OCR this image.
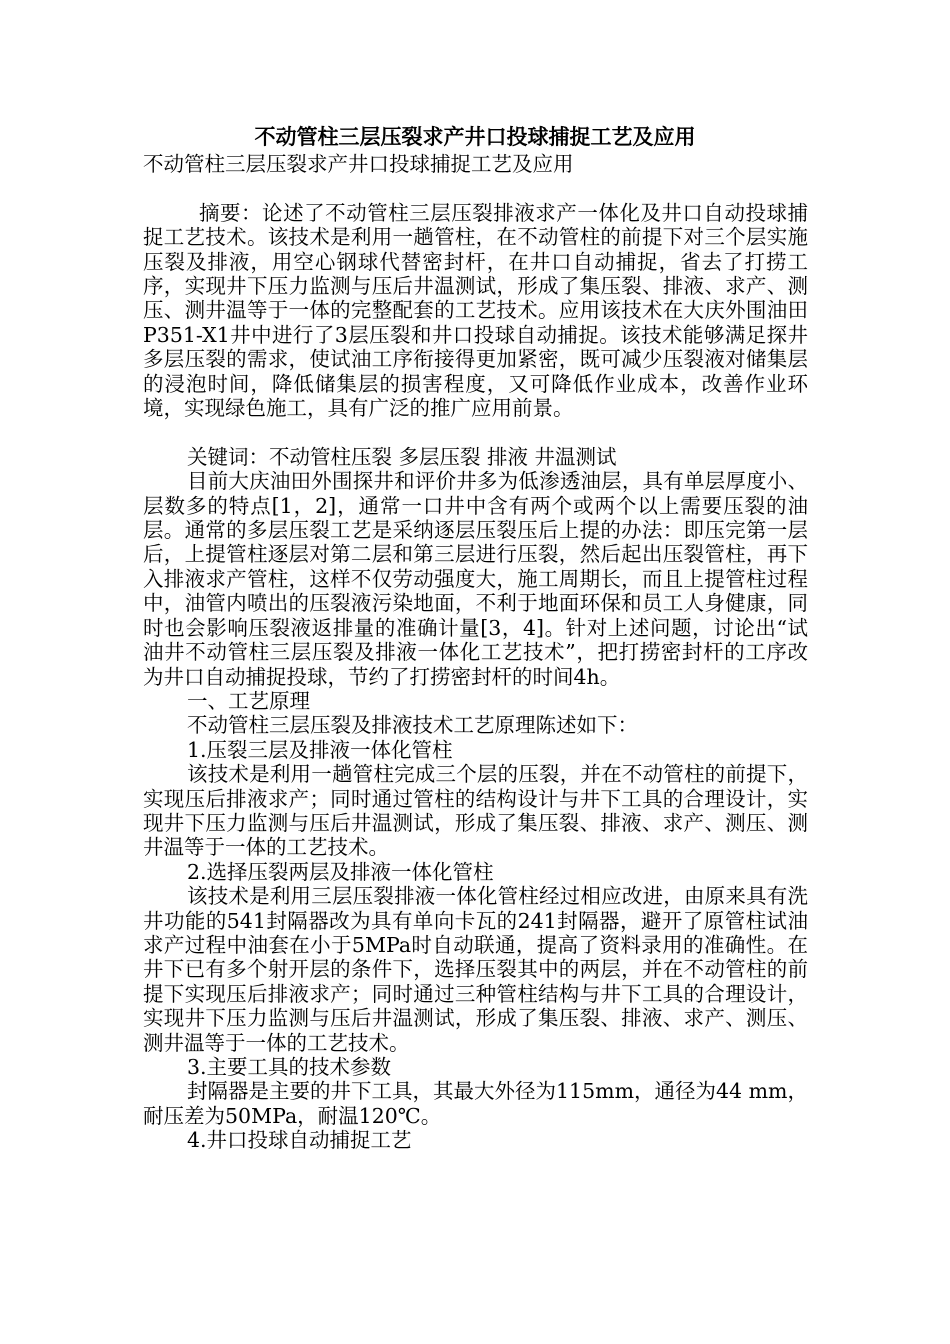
不动管柱三层压裂求产井口投球捕捉工艺及应用

不动管柱三层压裂求产井口投球捕捉工艺及应用

摘要：论述了不动管柱三层压裂排液求产一体化及井口自动投球捕捉工艺技术。该技术是利用一趟管柱，在不动管柱的前提下对三个层实施压裂及排液，用空心钢球代替密封杆，在井口自动捕捉，省去了打捞工序，实现井下压力监测与压后井温测试，形成了集压裂、排液、求产、测压、测井温等于一体的完整配套的工艺技术。应用该技术在大庆外围油田P351-X1井中进行了3层压裂和井口投球自动捕捉。该技术能够满足探井多层压裂的需求，使试油工序衔接得更加紧密，既可减少压裂液对储集层的浸泡时间，降低储集层的损害程度，又可降低作业成本，改善作业环境，实现绿色施工，具有广泛的推广应用前景。

关键词：不动管柱压裂 多层压裂 排液 井温测试

目前大庆油田外围探井和评价井多为低渗透油层，具有单层厚度小、层数多的特点[1，2]，通常一口井中含有两个或两个以上需要压裂的油层。通常的多层压裂工艺是采纳逐层压裂压后上提的办法：即压完第一层后，上提管柱逐层对第二层和第三层进行压裂，然后起出压裂管柱，再下入排液求产管柱，这样不仅劳动强度大，施工周期长，而且上提管柱过程中，油管内喷出的压裂液污染地面，不利于地面环保和员工人身健康，同时也会影响压裂液返排量的准确计量[3，4]。针对上述问题，讨论出“试油井不动管柱三层压裂及排液一体化工艺技术”，把打捞密封杆的工序改为井口自动捕捉投球，节约了打捞密封杆的时间4h。

一、工艺原理

不动管柱三层压裂及排液技术工艺原理陈述如下：

1.压裂三层及排液一体化管柱

该技术是利用一趟管柱完成三个层的压裂，并在不动管柱的前提下，实现压后排液求产；同时通过管柱的结构设计与井下工具的合理设计，实现井下压力监测与压后井温测试，形成了集压裂、排液、求产、测压、测井温等于一体的工艺技术。

2.选择压裂两层及排液一体化管柱

该技术是利用三层压裂排液一体化管柱经过相应改进，由原来具有洗井功能的541封隔器改为具有单向卡瓦的241封隔器，避开了原管柱试油求产过程中油套在小于5MPa时自动联通，提高了资料录用的准确性。在井下已有多个射开层的条件下，选择压裂其中的两层，并在不动管柱的前提下实现压后排液求产；同时通过三种管柱结构与井下工具的合理设计，实现井下压力监测与压后井温测试，形成了集压裂、排液、求产、测压、测井温等于一体的工艺技术。

3.主要工具的技术参数

封隔器是主要的井下工具，其最大外径为115mm，通径为44 mm，耐压差为50MPa，耐温120℃。

4.井口投球自动捕捉工艺
